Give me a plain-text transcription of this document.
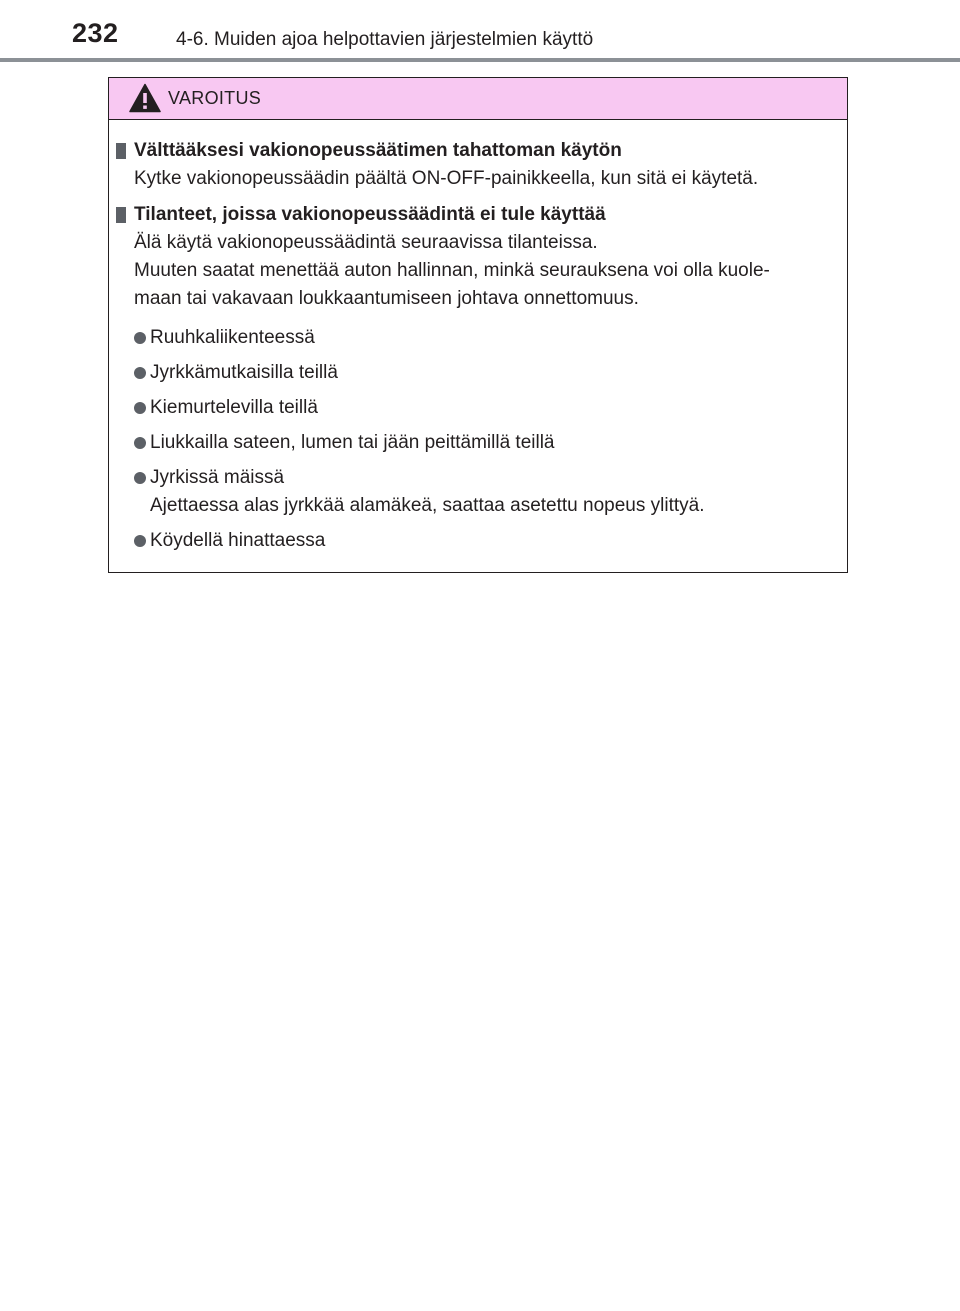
232	4-6. Muiden ajoa helpottavien järjestelmien käyttö
VAROITUS
Välttääksesi vakionopeussäätimen tahattoman käytön
Kytke vakionopeussäädin päältä ON-OFF-painikkeella, kun sitä ei käytetä.
Tilanteet, joissa vakionopeussäädintä ei tule käyttää
Älä käytä vakionopeussäädintä seuraavissa tilanteissa.
Muuten saatat menettää auton hallinnan, minkä seurauksena voi olla kuole-
maan tai vakavaan loukkaantumiseen johtava onnettomuus.
Ruuhkaliikenteessä
Jyrkkämutkaisilla teillä
Kiemurtelevilla teillä
Liukkailla sateen, lumen tai jään peittämillä teillä
Jyrkissä mäissä
Ajettaessa alas jyrkkää alamäkeä, saattaa asetettu nopeus ylittyä.
Köydellä hinattaessa
